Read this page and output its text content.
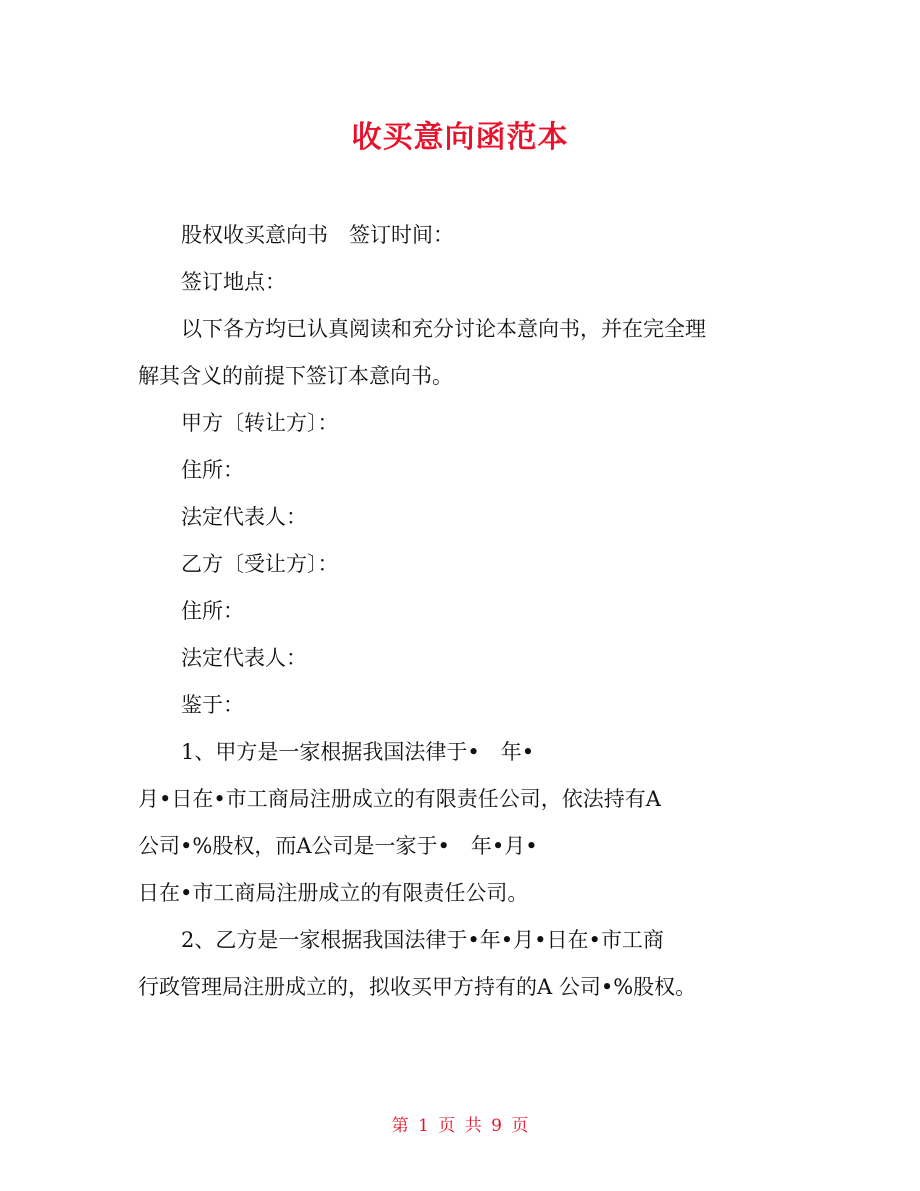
收买意向函范本

股权收买意向书　签订时间：

签订地点：

以下各方均已认真阅读和充分讨论本意向书，并在完全理

解其含义的前提下签订本意向书。

甲方〔转让方〕：

住所：

法定代表人：

乙方〔受让方〕：

住所：

法定代表人：

鉴于：

1、甲方是一家根据我国法律于•　年•

月•日在•市工商局注册成立的有限责任公司，依法持有A

公司•%股权，而A公司是一家于•　年•月•

日在•市工商局注册成立的有限责任公司。

2、乙方是一家根据我国法律于•年•月•日在•市工商

行政管理局注册成立的，拟收买甲方持有的A 公司•%股权。

第 1 页 共 9 页
